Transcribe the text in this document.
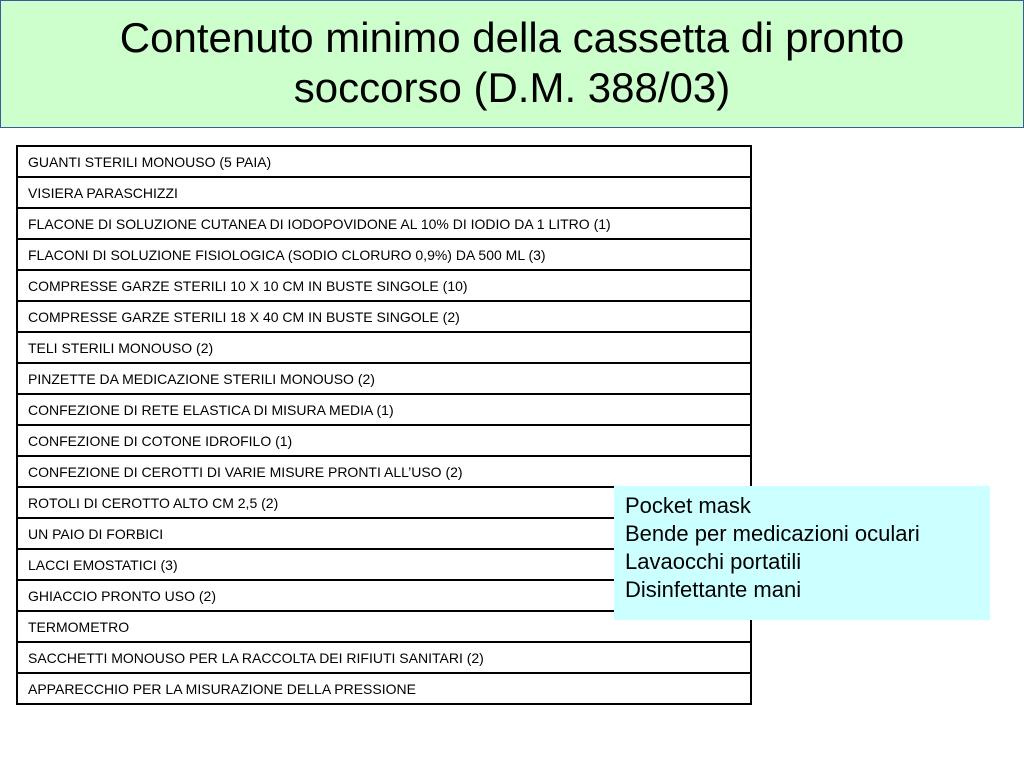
Contenuto minimo della cassetta di pronto soccorso (D.M. 388/03)
GUANTI STERILI MONOUSO (5 PAIA)
VISIERA PARASCHIZZI
FLACONE DI SOLUZIONE CUTANEA DI IODOPOVIDONE AL 10% DI IODIO DA 1 LITRO (1)
FLACONI DI SOLUZIONE FISIOLOGICA (SODIO CLORURO 0,9%) DA 500 ML (3)
COMPRESSE GARZE STERILI 10 X 10 CM IN BUSTE SINGOLE (10)
COMPRESSE GARZE STERILI 18 X 40 CM IN BUSTE SINGOLE (2)
TELI STERILI MONOUSO (2)
PINZETTE DA MEDICAZIONE STERILI MONOUSO (2)
CONFEZIONE DI RETE ELASTICA DI MISURA MEDIA (1)
CONFEZIONE DI COTONE IDROFILO (1)
CONFEZIONE DI CEROTTI DI VARIE MISURE PRONTI ALL’USO (2)
ROTOLI DI CEROTTO ALTO CM 2,5 (2)
UN PAIO DI FORBICI
LACCI EMOSTATICI (3)
GHIACCIO PRONTO USO (2)
TERMOMETRO
SACCHETTI MONOUSO PER LA RACCOLTA DEI RIFIUTI SANITARI (2)
APPARECCHIO PER LA MISURAZIONE DELLA PRESSIONE
Pocket mask
Bende per medicazioni oculari
Lavaocchi portatili
Disinfettante mani
